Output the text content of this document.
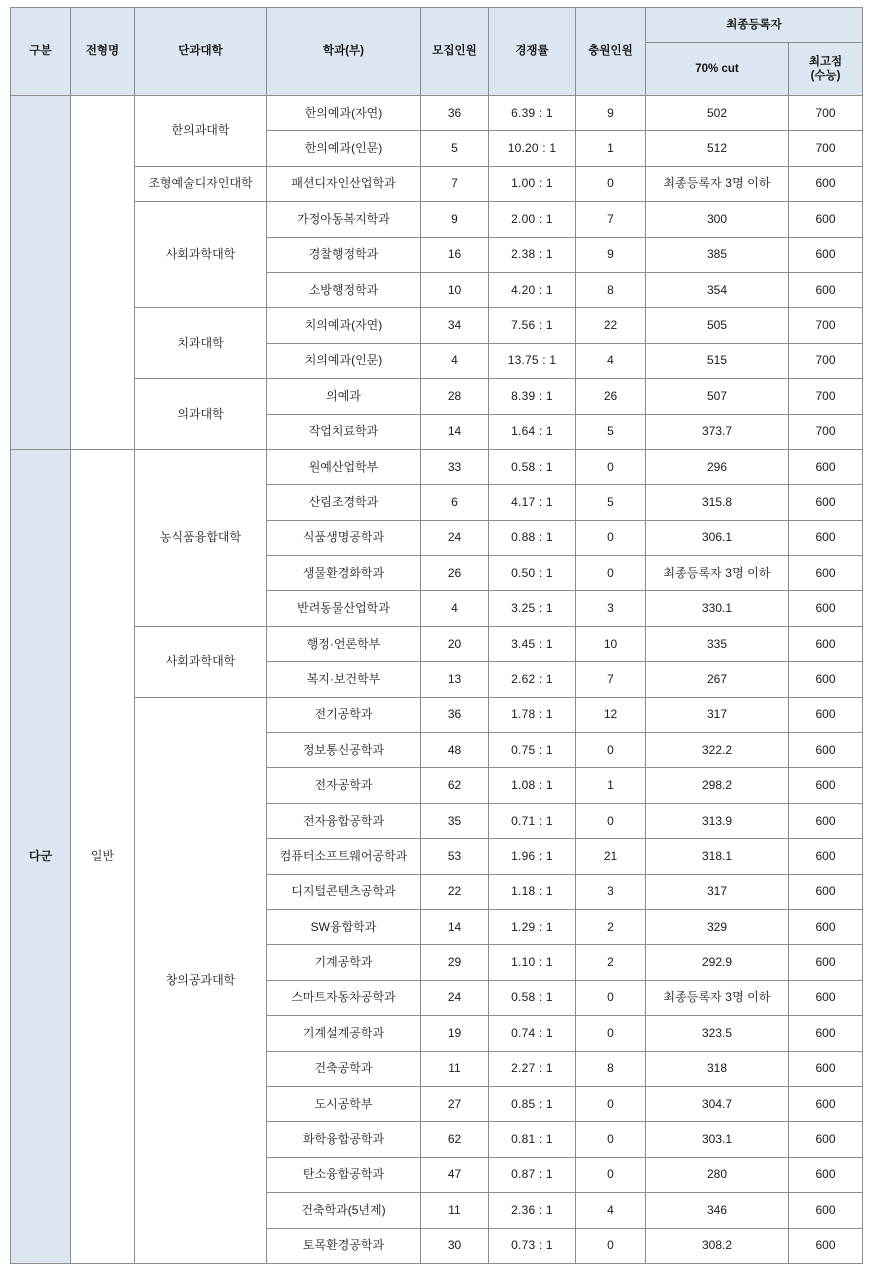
구분	전형명	단과대학	학과(부)	모집인원	경쟁률	충원인원	최종등록자	
							70% cut	최고점
(수능)

		한의과대학	한의예과(자연)	36	6.39 : 1	9	502	700
			한의예과(인문)	5	10.20 : 1	1	512	700
		조형예술디자인대학	패션디자인산업학과	7	1.00 : 1	0	최종등록자 3명 이하	600
		사회과학대학	가정아동복지학과	9	2.00 : 1	7	300	600
			경찰행정학과	16	2.38 : 1	9	385	600
			소방행정학과	10	4.20 : 1	8	354	600
		치과대학	치의예과(자연)	34	7.56 : 1	22	505	700
			치의예과(인문)	4	13.75 : 1	4	515	700
		의과대학	의예과	28	8.39 : 1	26	507	700
			작업치료학과	14	1.64 : 1	5	373.7	700
다군	일반	농식품융합대학	원예산업학부	33	0.58 : 1	0	296	600
			산림조경학과	6	4.17 : 1	5	315.8	600
			식품생명공학과	24	0.88 : 1	0	306.1	600
			생물환경화학과	26	0.50 : 1	0	최종등록자 3명 이하	600
			반려동물산업학과	4	3.25 : 1	3	330.1	600
		사회과학대학	행정·언론학부	20	3.45 : 1	10	335	600
			복지·보건학부	13	2.62 : 1	7	267	600
		창의공과대학	전기공학과	36	1.78 : 1	12	317	600
			정보통신공학과	48	0.75 : 1	0	322.2	600
			전자공학과	62	1.08 : 1	1	298.2	600
			전자융합공학과	35	0.71 : 1	0	313.9	600
			컴퓨터소프트웨어공학과	53	1.96 : 1	21	318.1	600
			디지털콘텐츠공학과	22	1.18 : 1	3	317	600
			SW융합학과	14	1.29 : 1	2	329	600
			기계공학과	29	1.10 : 1	2	292.9	600
			스마트자동차공학과	24	0.58 : 1	0	최종등록자 3명 이하	600
			기계설계공학과	19	0.74 : 1	0	323.5	600
			건축공학과	11	2.27 : 1	8	318	600
			도시공학부	27	0.85 : 1	0	304.7	600
			화학융합공학과	62	0.81 : 1	0	303.1	600
			탄소융합공학과	47	0.87 : 1	0	280	600
			건축학과(5년제)	11	2.36 : 1	4	346	600
			토목환경공학과	30	0.73 : 1	0	308.2	600
